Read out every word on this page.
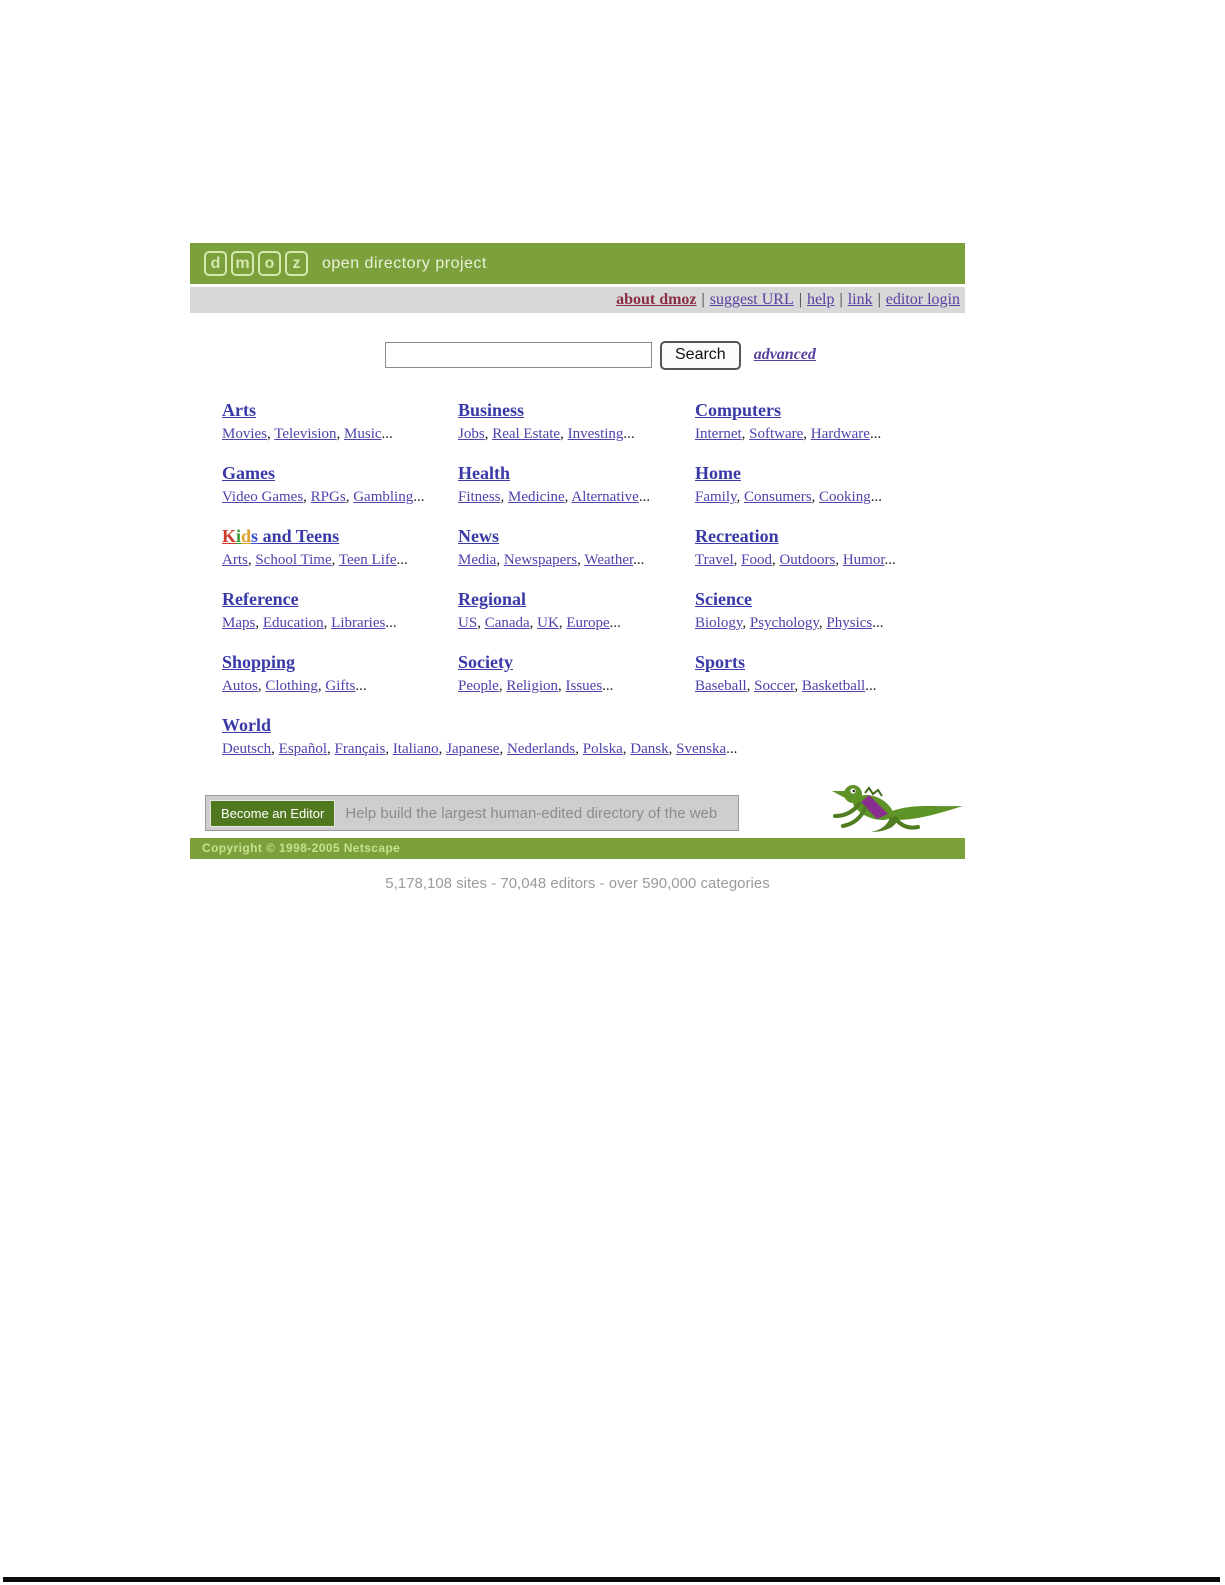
d m o	z	open directory project
about dmoz | suggest URL | help | link | editor login
Search	advanced
Arts
Movies, Television, Music...
Business
Jobs, Real Estate, Investing...
Computers
Internet, Software, Hardware...
Games
Video Games, RPGs, Gambling...
Health
Fitness, Medicine, Alternative...
Home
Family, Consumers, Cooking...
Kids and Teens
Arts, School Time, Teen Life...
News
Media, Newspapers, Weather...
Recreation
Travel, Food, Outdoors, Humor...
Reference
Maps, Education, Libraries...
Regional
US, Canada, UK, Europe...
Science
Biology, Psychology, Physics...
Shopping
Autos, Clothing, Gifts...
Society
People, Religion, Issues...
Sports
Baseball, Soccer, Basketball...
World
Deutsch, Español, Français, Italiano, Japanese, Nederlands, Polska, Dansk, Svenska...
Become an Editor	Help build the largest human-edited directory of the web
Copyright © 1998-2005 Netscape
5,178,108 sites - 70,048 editors - over 590,000 categories
